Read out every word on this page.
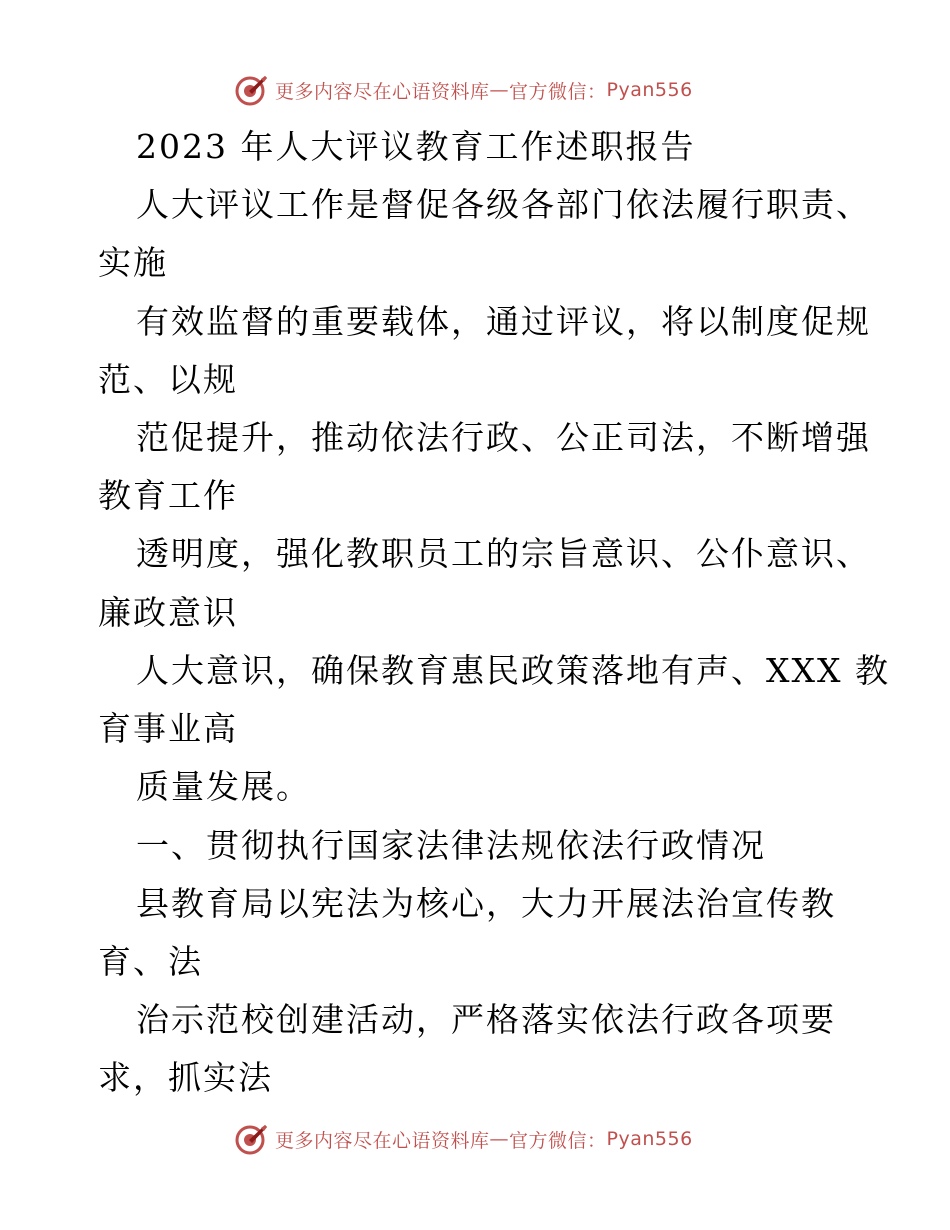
更多内容尽在心语资料库 — 官方微信： Pyan556
2023 年人大评议教育工作述职报告
人大评议工作是督促各级各部门依法履行职责、
实施
有效监督的重要载体，通过评议，将以制度促规
范、以规
范促提升，推动依法行政、公正司法，不断增强
教育工作
透明度，强化教职员工的宗旨意识、公仆意识、
廉政意识
人大意识，确保教育惠民政策落地有声、XXX 教
育事业高
质量发展。
一、贯彻执行国家法律法规依法行政情况
县教育局以宪法为核心，大力开展法治宣传教
育、法
治示范校创建活动，严格落实依法行政各项要
求，抓实法
更多内容尽在心语资料库 — 官方微信： Pyan556
